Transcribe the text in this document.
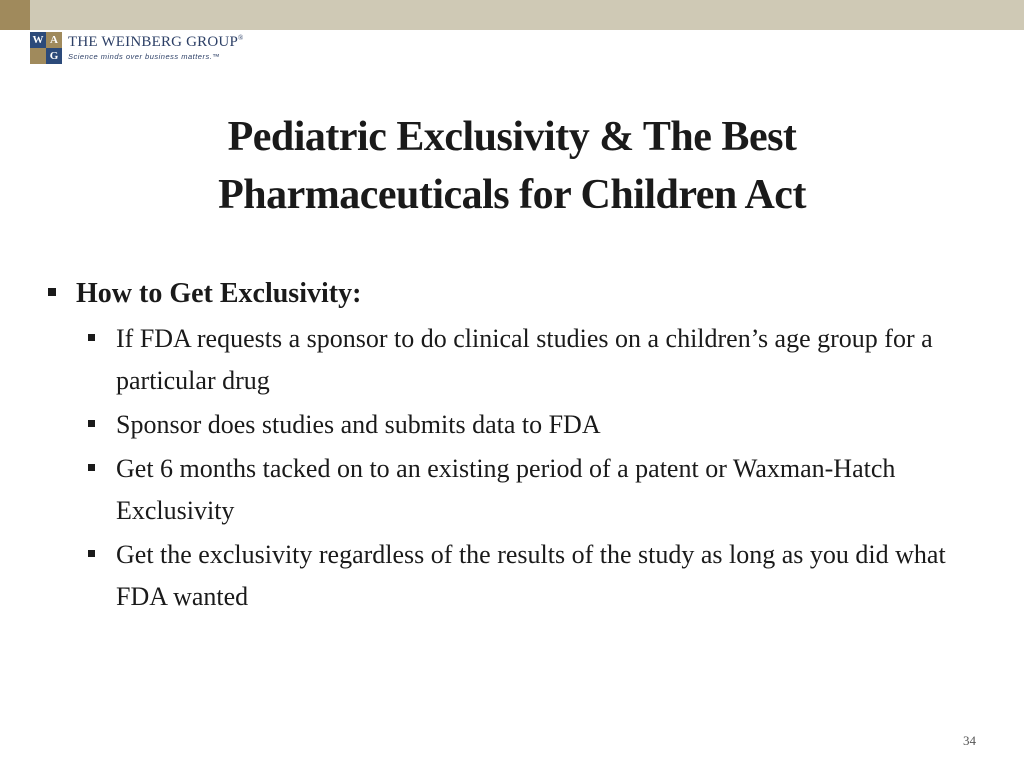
W A
G
THE WEINBERG GROUP®
Science minds over business matters.™
Pediatric Exclusivity & The Best
Pharmaceuticals for Children Act
How to Get Exclusivity:
If FDA requests a sponsor to do clinical studies on a children’s age group for a particular drug
Sponsor does studies and submits data to FDA
Get 6 months tacked on to an existing period of a patent or Waxman-Hatch Exclusivity
Get the exclusivity regardless of the results of the study as long as you did what FDA wanted
34
